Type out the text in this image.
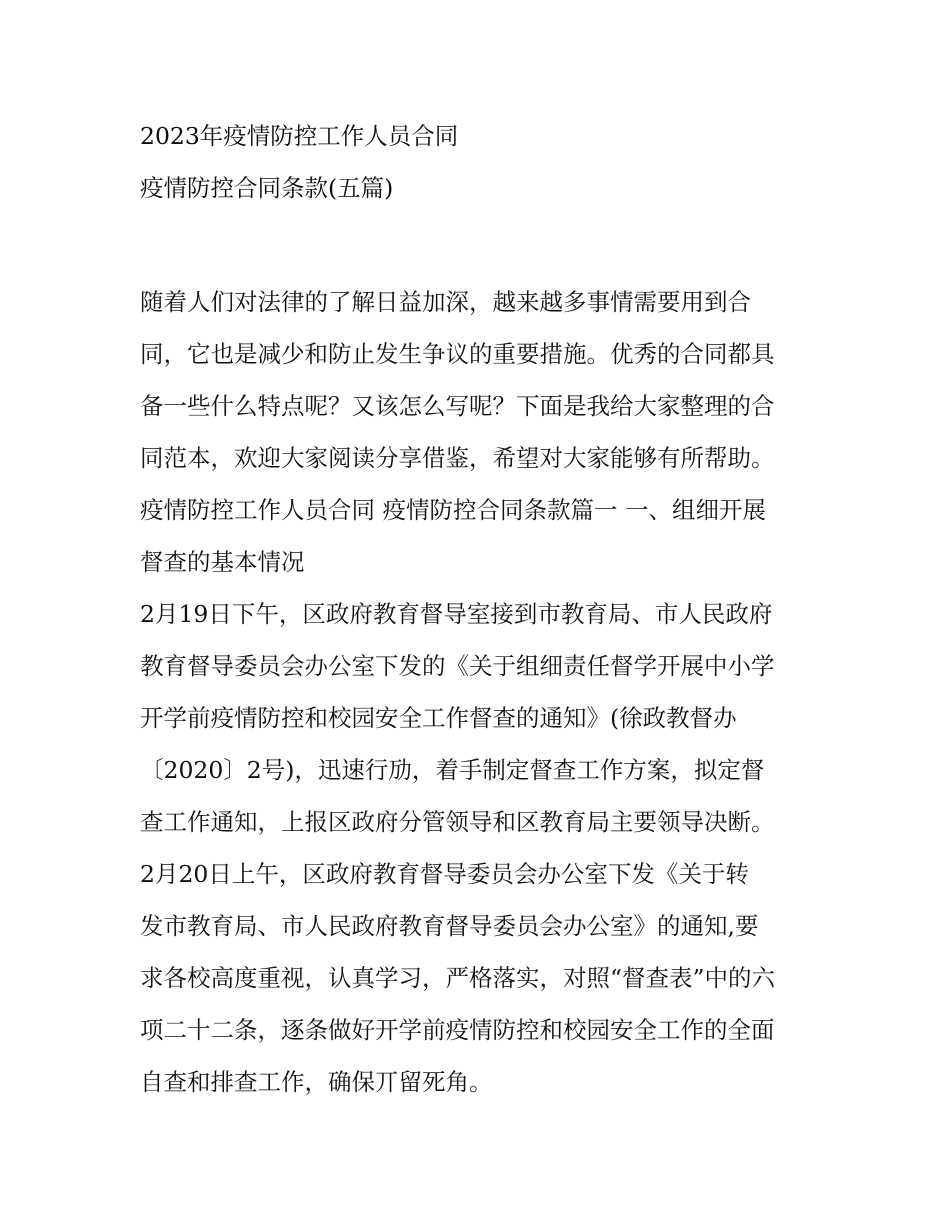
2023年疫情防控工作人员合同
疫情防控合同条款(五篇)
随着人们对法律的了解日益加深，越来越多事情需要用到合
同，它也是减少和防止发生争议的重要措施。优秀的合同都具
备一些什么特点呢？又该怎么写呢？下面是我给大家整理的合
同范本，欢迎大家阅读分享借鉴，希望对大家能够有所帮助。
疫情防控工作人员合同 疫情防控合同条款篇一 一、组细开展
督查的基本情况
2月19日下午，区政府教育督导室接到市教育局、市人民政府
教育督导委员会办公室下发的《关于组细责任督学开展中小学
开学前疫情防控和校园安全工作督查的通知》(徐政教督办
〔2020〕2号)，迅速行劢，着手制定督查工作方案，拟定督
查工作通知，上报区政府分管领导和区教育局主要领导决断。
2月20日上午，区政府教育督导委员会办公室下发《关于转
发市教育局、市人民政府教育督导委员会办公室》的通知,要
求各校高度重视，认真学习，严格落实，对照“督查表”中的六
项二十二条，逐条做好开学前疫情防控和校园安全工作的全面
自查和排查工作，确保丌留死角。
